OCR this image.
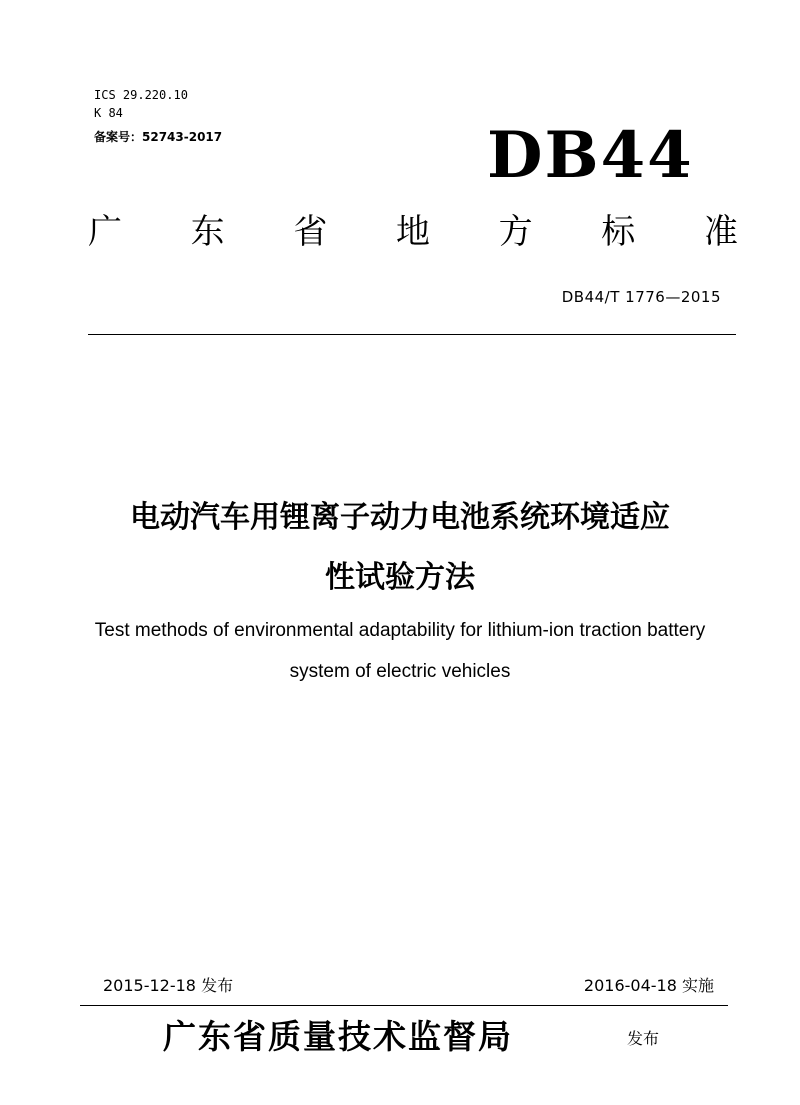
ICS 29.220.10
K 84
备案号：52743-2017	DB44
广 东 省 地 方 标 准
DB44/T 1776—2015
电动汽车用锂离子动力电池系统环境适应
性试验方法
Test methods of environmental adaptability for lithium-ion traction battery
system of electric vehicles
2015-12-18 发布	2016-04-18 实施
广东省质量技术监督局	发布
